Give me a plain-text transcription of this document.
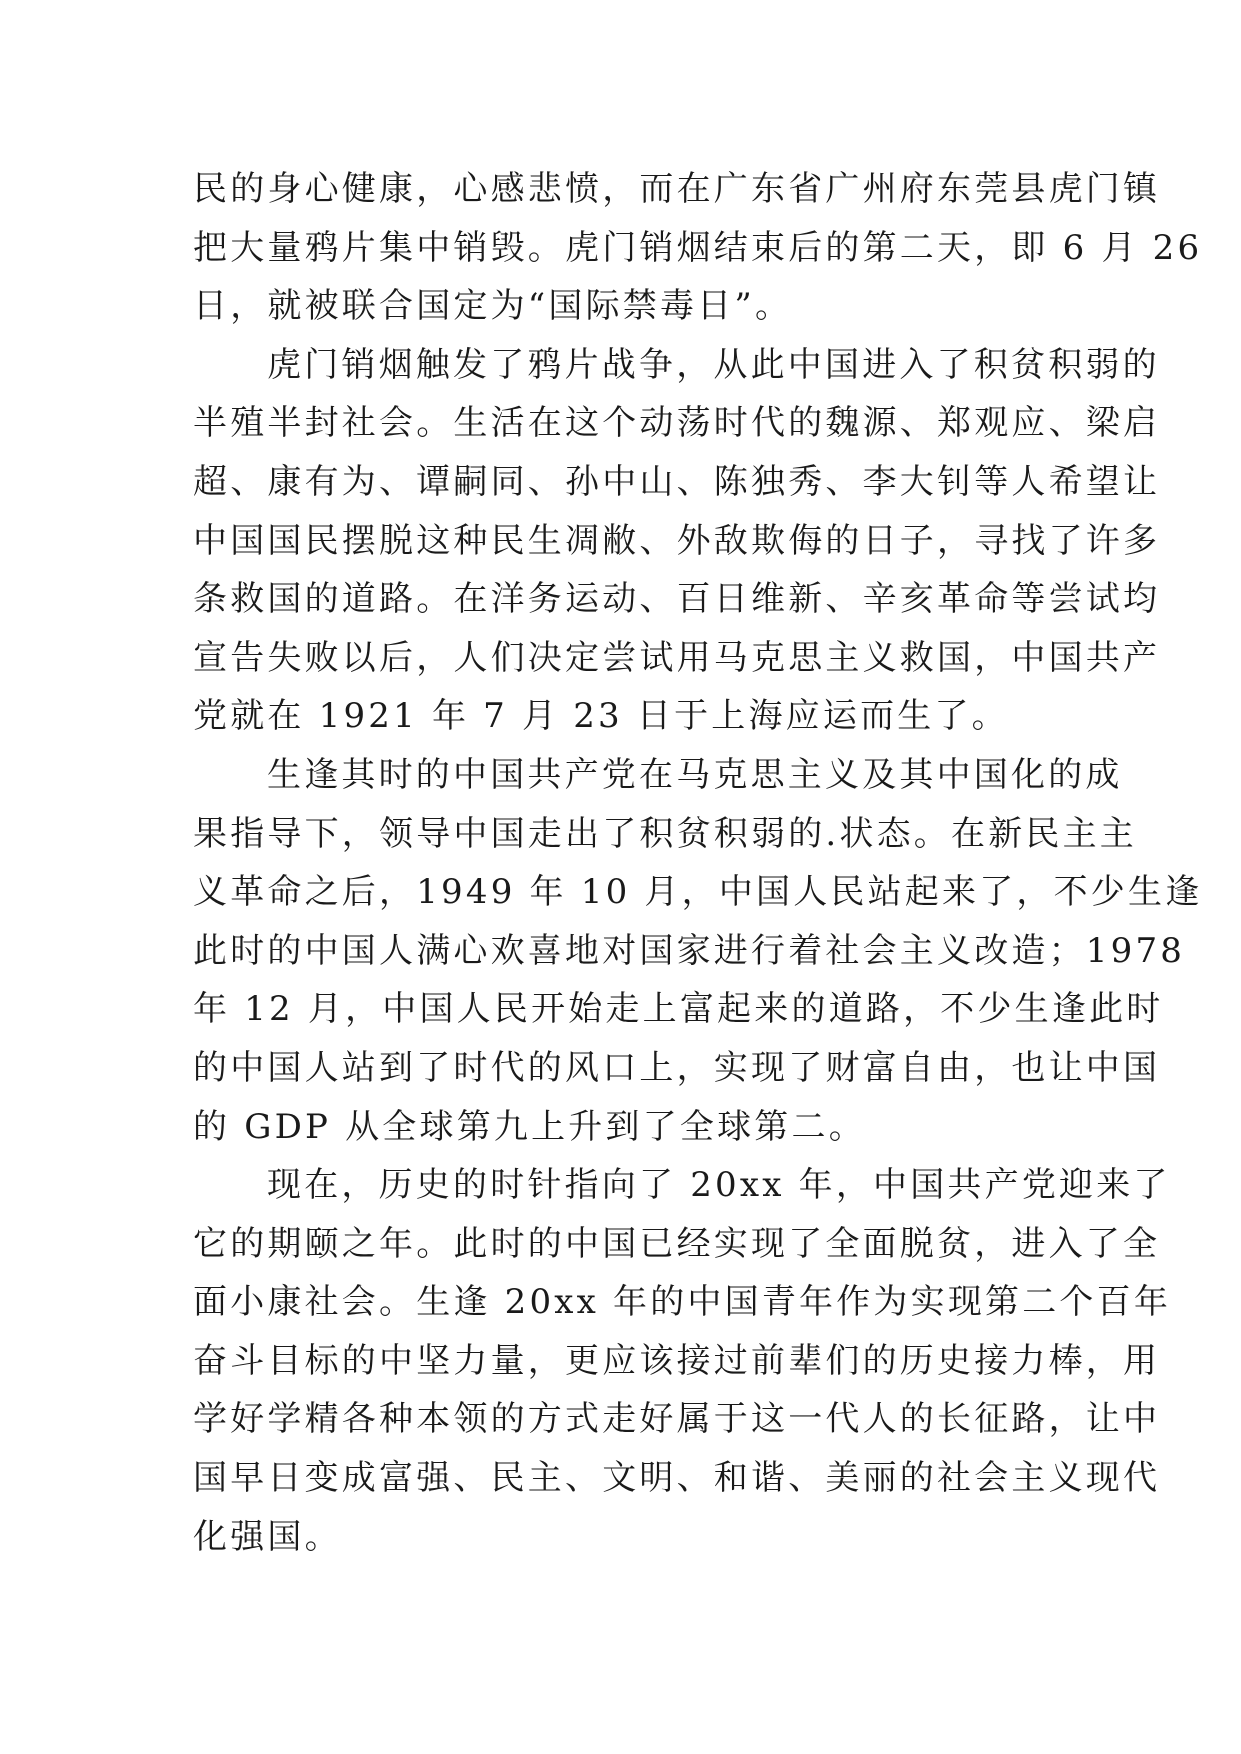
民的身心健康，心感悲愤，而在广东省广州府东莞县虎门镇
把大量鸦片集中销毁。虎门销烟结束后的第二天，即 6 月 26
日，就被联合国定为“国际禁毒日”。

虎门销烟触发了鸦片战争，从此中国进入了积贫积弱的
半殖半封社会。生活在这个动荡时代的魏源、郑观应、梁启
超、康有为、谭嗣同、孙中山、陈独秀、李大钊等人希望让
中国国民摆脱这种民生凋敝、外敌欺侮的日子，寻找了许多
条救国的道路。在洋务运动、百日维新、辛亥革命等尝试均
宣告失败以后，人们决定尝试用马克思主义救国，中国共产
党就在 1921 年 7 月 23 日于上海应运而生了。

生逢其时的中国共产党在马克思主义及其中国化的成
果指导下，领导中国走出了积贫积弱的.状态。在新民主主
义革命之后，1949 年 10 月，中国人民站起来了，不少生逢
此时的中国人满心欢喜地对国家进行着社会主义改造；1978
年 12 月，中国人民开始走上富起来的道路，不少生逢此时
的中国人站到了时代的风口上，实现了财富自由，也让中国
的 GDP 从全球第九上升到了全球第二。

现在，历史的时针指向了 20xx 年，中国共产党迎来了
它的期颐之年。此时的中国已经实现了全面脱贫，进入了全
面小康社会。生逢 20xx 年的中国青年作为实现第二个百年
奋斗目标的中坚力量，更应该接过前辈们的历史接力棒，用
学好学精各种本领的方式走好属于这一代人的长征路，让中
国早日变成富强、民主、文明、和谐、美丽的社会主义现代
化强国。
